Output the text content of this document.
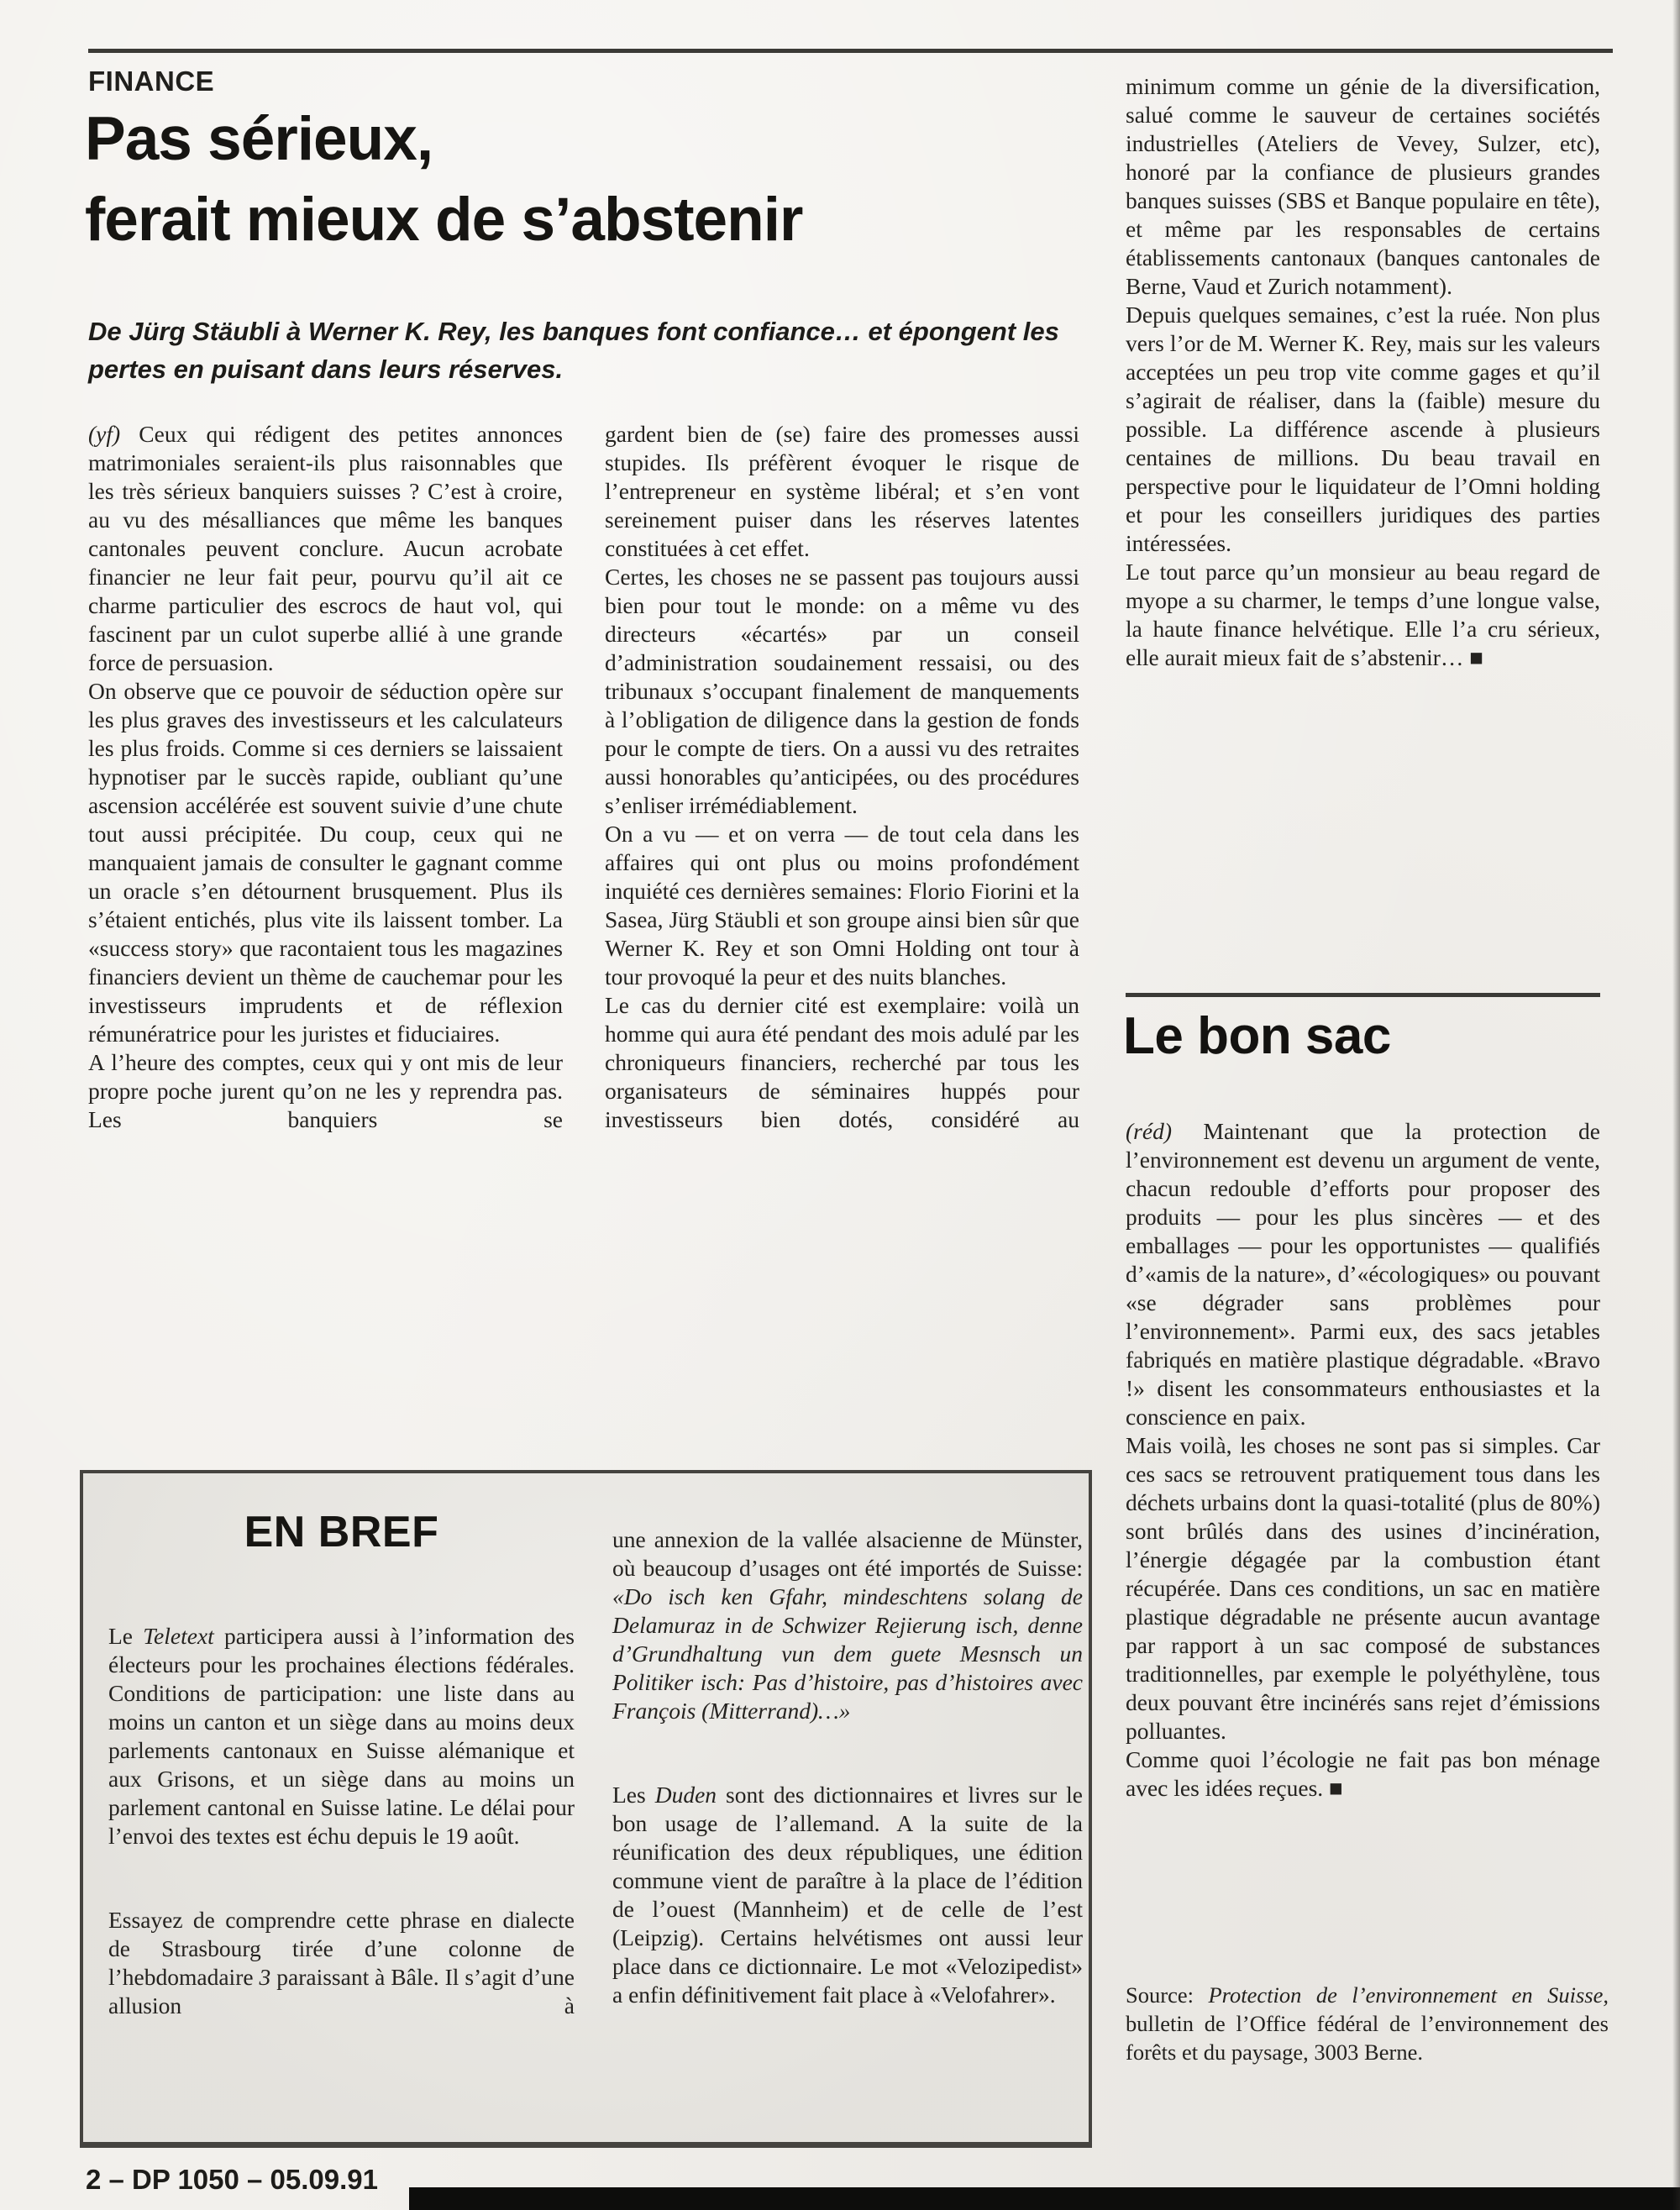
FINANCE
Pas sérieux,
ferait mieux de s’abstenir
De Jürg Stäubli à Werner K. Rey, les banques font confiance… et épongent les pertes en puisant dans leurs réserves.

(yf) Ceux qui rédigent des petites annonces matrimoniales seraient-ils plus raisonnables que les très sérieux banquiers suisses ? C’est à croire, au vu des mésalliances que même les banques cantonales peuvent conclure. Aucun acrobate financier ne leur fait peur, pourvu qu’il ait ce charme particulier des escrocs de haut vol, qui fascinent par un culot superbe allié à une grande force de persuasion.

On observe que ce pouvoir de séduction opère sur les plus graves des investisseurs et les calculateurs les plus froids. Comme si ces derniers se laissaient hypnotiser par le succès rapide, oubliant qu’une ascension accélérée est souvent suivie d’une chute tout aussi précipitée. Du coup, ceux qui ne manquaient jamais de consulter le gagnant comme un oracle s’en détournent brusquement. Plus ils s’étaient entichés, plus vite ils laissent tomber. La «success story» que racontaient tous les magazines financiers devient un thème de cauchemar pour les investisseurs imprudents et de réflexion rémunératrice pour les juristes et fiduciaires.

A l’heure des comptes, ceux qui y ont mis de leur propre poche jurent qu’on ne les y reprendra pas. Les banquiers se

gardent bien de (se) faire des promesses aussi stupides. Ils préfèrent évoquer le risque de l’entrepreneur en système libéral; et s’en vont sereinement puiser dans les réserves latentes constituées à cet effet.

Certes, les choses ne se passent pas toujours aussi bien pour tout le monde: on a même vu des directeurs «écartés» par un conseil d’administration soudainement ressaisi, ou des tribunaux s’occupant finalement de manquements à l’obligation de diligence dans la gestion de fonds pour le compte de tiers. On a aussi vu des retraites aussi honorables qu’anticipées, ou des procédures s’enliser irrémédiablement.

On a vu — et on verra — de tout cela dans les affaires qui ont plus ou moins profondément inquiété ces dernières semaines: Florio Fiorini et la Sasea, Jürg Stäubli et son groupe ainsi bien sûr que Werner K. Rey et son Omni Holding ont tour à tour provoqué la peur et des nuits blanches.

Le cas du dernier cité est exemplaire: voilà un homme qui aura été pendant des mois adulé par les chroniqueurs financiers, recherché par tous les organisateurs de séminaires huppés pour investisseurs bien dotés, considéré au

minimum comme un génie de la diversification, salué comme le sauveur de certaines sociétés industrielles (Ateliers de Vevey, Sulzer, etc), honoré par la confiance de plusieurs grandes banques suisses (SBS et Banque populaire en tête), et même par les responsables de certains établissements cantonaux (banques cantonales de Berne, Vaud et Zurich notamment).

Depuis quelques semaines, c’est la ruée. Non plus vers l’or de M. Werner K. Rey, mais sur les valeurs acceptées un peu trop vite comme gages et qu’il s’agirait de réaliser, dans la (faible) mesure du possible. La différence ascende à plusieurs centaines de millions. Du beau travail en perspective pour le liquidateur de l’Omni holding et pour les conseillers juridiques des parties intéressées.

Le tout parce qu’un monsieur au beau regard de myope a su charmer, le temps d’une longue valse, la haute finance helvétique. Elle l’a cru sérieux, elle aurait mieux fait de s’abstenir… ■

Le bon sac

(réd) Maintenant que la protection de l’environnement est devenu un argument de vente, chacun redouble d’efforts pour proposer des produits — pour les plus sincères — et des emballages — pour les opportunistes — qualifiés d’«amis de la nature», d’«écologiques» ou pouvant «se dégrader sans problèmes pour l’environnement». Parmi eux, des sacs jetables fabriqués en matière plastique dégradable. «Bravo !» disent les consommateurs enthousiastes et la conscience en paix.

Mais voilà, les choses ne sont pas si simples. Car ces sacs se retrouvent pratiquement tous dans les déchets urbains dont la quasi-totalité (plus de 80%) sont brûlés dans des usines d’incinération, l’énergie dégagée par la combustion étant récupérée. Dans ces conditions, un sac en matière plastique dégradable ne présente aucun avantage par rapport à un sac composé de substances traditionnelles, par exemple le polyéthylène, tous deux pouvant être incinérés sans rejet d’émissions polluantes.

Comme quoi l’écologie ne fait pas bon ménage avec les idées reçues. ■

Source: Protection de l’environnement en Suisse, bulletin de l’Office fédéral de l’environnement des forêts et du paysage, 3003 Berne.

EN BREF

Le Teletext participera aussi à l’information des électeurs pour les prochaines élections fédérales. Conditions de participation: une liste dans au moins un canton et un siège dans au moins deux parlements cantonaux en Suisse alémanique et aux Grisons, et un siège dans au moins un parlement cantonal en Suisse latine. Le délai pour l’envoi des textes est échu depuis le 19 août.

Essayez de comprendre cette phrase en dialecte de Strasbourg tirée d’une colonne de l’hebdomadaire 3 paraissant à Bâle. Il s’agit d’une allusion à

une annexion de la vallée alsacienne de Münster, où beaucoup d’usages ont été importés de Suisse: «Do isch ken Gfahr, mindeschtens solang de Delamuraz in de Schwizer Rejierung isch, denne d’Grundhaltung vun dem guete Mesnsch un Politiker isch: Pas d’histoire, pas d’histoires avec François (Mitterrand)…»

Les Duden sont des dictionnaires et livres sur le bon usage de l’allemand. A la suite de la réunification des deux républiques, une édition commune vient de paraître à la place de l’édition de l’ouest (Mannheim) et de celle de l’est (Leipzig). Certains helvétismes ont aussi leur place dans ce dictionnaire. Le mot «Velozipedist» a enfin définitivement fait place à «Velofahrer».

2 – DP 1050 – 05.09.91
